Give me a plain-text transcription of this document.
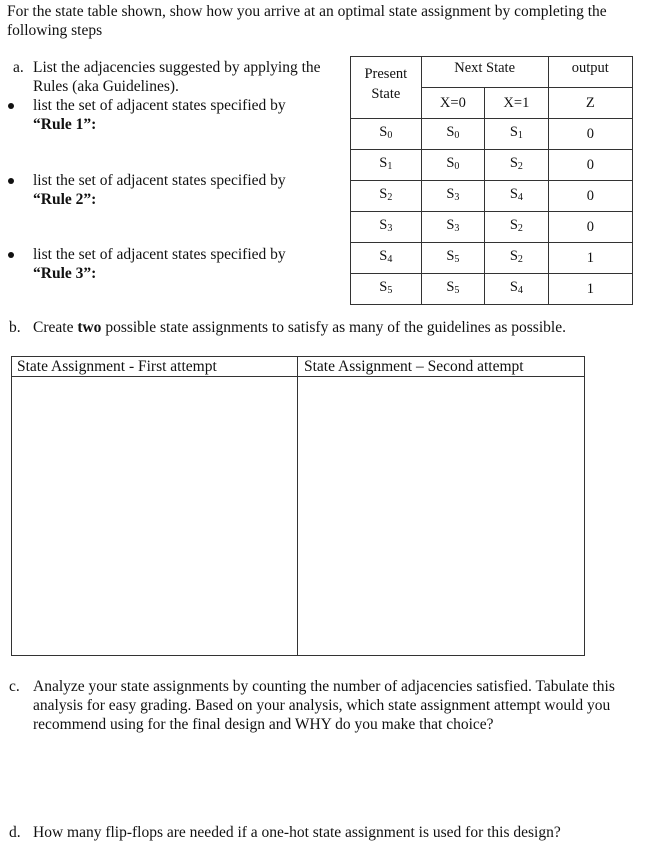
For the state table shown, show how you arrive at an optimal state assignment by completing the following steps
a. List the adjacencies suggested by applying the Rules (aka Guidelines).
list the set of adjacent states specified by
“Rule 1”:
list the set of adjacent states specified by
“Rule 2”:
list the set of adjacent states specified by
“Rule 3”:
Present
State	Next State		output
	X=0	X=1	Z
$S_0$	$S_0$	$S_1$	0
$S_1$	$S_0$	$S_2$	0
$S_2$	$S_3$	$S_4$	0
$S_3$	$S_3$	$S_2$	0
$S_4$	$S_5$	$S_2$	1
$S_5$	$S_5$	$S_4$	1
b. Create two possible state assignments to satisfy as many of the guidelines as possible.
State Assignment - First attempt	State Assignment – Second attempt
c. Analyze your state assignments by counting the number of adjacencies satisfied. Tabulate this analysis for easy grading. Based on your analysis, which state assignment attempt would you recommend using for the final design and WHY do you make that choice?
d. How many flip-flops are needed if a one-hot state assignment is used for this design?
